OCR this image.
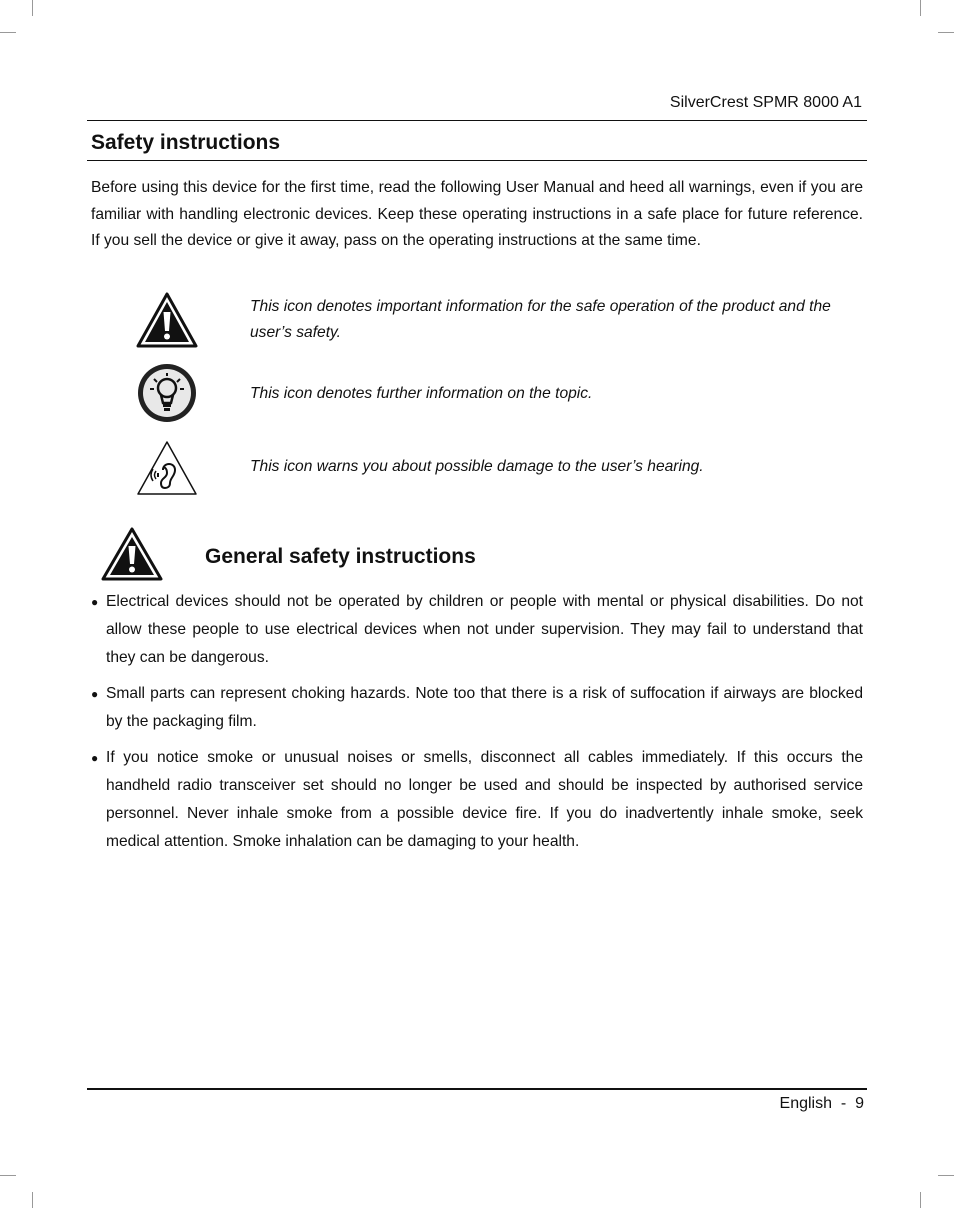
SilverCrest SPMR 8000 A1
Safety instructions

Before using this device for the first time, read the following User Manual and heed all warnings, even if you are familiar with handling electronic devices. Keep these operating instructions in a safe place for future reference. If you sell the device or give it away, pass on the operating instructions at the same time.

This icon denotes important information for the safe operation of the product and the user’s safety.

This icon denotes further information on the topic.

This icon warns you about possible damage to the user’s hearing.

General safety instructions
● Electrical devices should not be operated by children or people with mental or physical disabilities. Do not allow these people to use electrical devices when not under supervision. They may fail to understand that they can be dangerous.
● Small parts can represent choking hazards. Note too that there is a risk of suffocation if airways are blocked by the packaging film.
● If you notice smoke or unusual noises or smells, disconnect all cables immediately. If this occurs the handheld radio transceiver set should no longer be used and should be inspected by authorised service personnel. Never inhale smoke from a possible device fire. If you do inadvertently inhale smoke, seek medical attention. Smoke inhalation can be damaging to your health.
English  -  9
